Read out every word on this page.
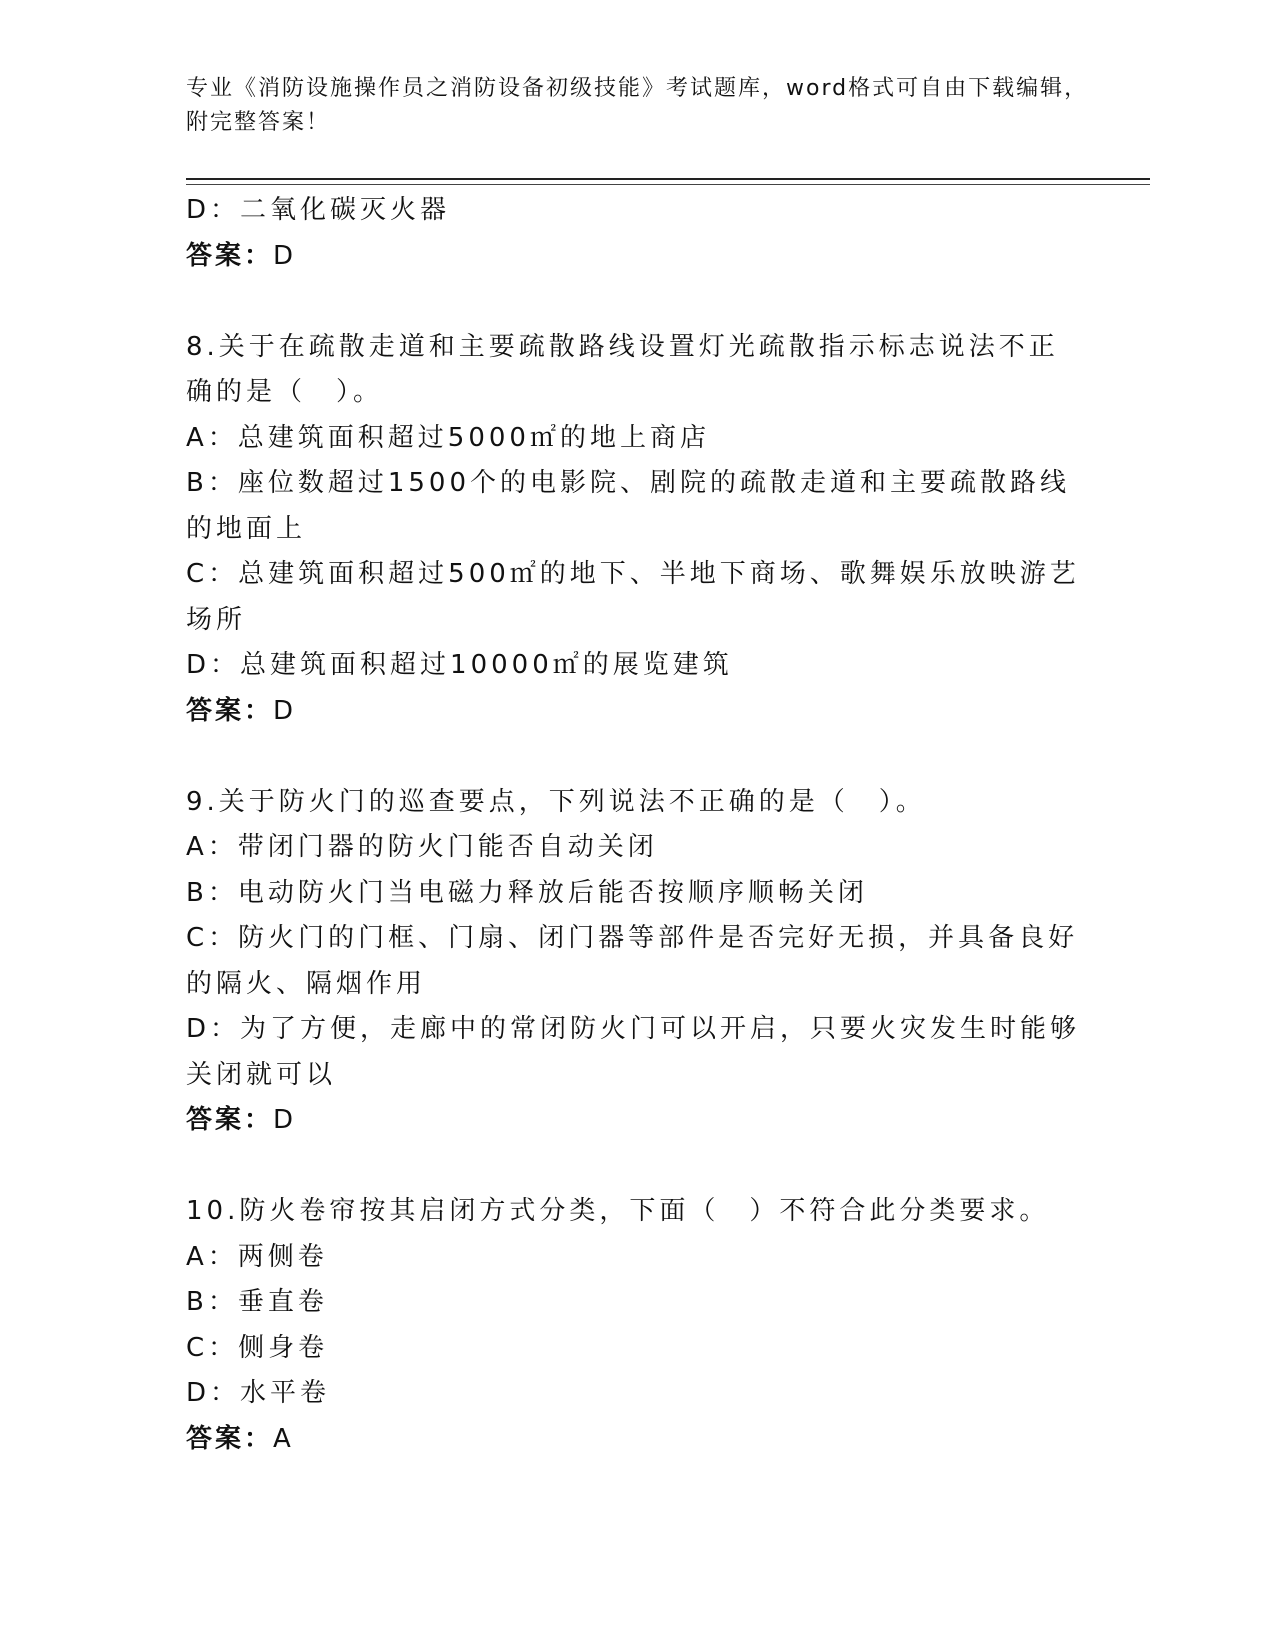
专业《消防设施操作员之消防设备初级技能》考试题库，word格式可自由下载编辑，附完整答案！

D：二氧化碳灭火器

答案：D

8.关于在疏散走道和主要疏散路线设置灯光疏散指示标志说法不正确的是（　）。

A：总建筑面积超过5000㎡的地上商店

B：座位数超过1500个的电影院、剧院的疏散走道和主要疏散路线的地面上

C：总建筑面积超过500㎡的地下、半地下商场、歌舞娱乐放映游艺场所

D：总建筑面积超过10000㎡的展览建筑

答案：D

9.关于防火门的巡查要点，下列说法不正确的是（　）。

A：带闭门器的防火门能否自动关闭

B：电动防火门当电磁力释放后能否按顺序顺畅关闭

C：防火门的门框、门扇、闭门器等部件是否完好无损，并具备良好的隔火、隔烟作用

D：为了方便，走廊中的常闭防火门可以开启，只要火灾发生时能够关闭就可以

答案：D

10.防火卷帘按其启闭方式分类，下面（　）不符合此分类要求。

A：两侧卷

B：垂直卷

C：侧身卷

D：水平卷

答案：A
